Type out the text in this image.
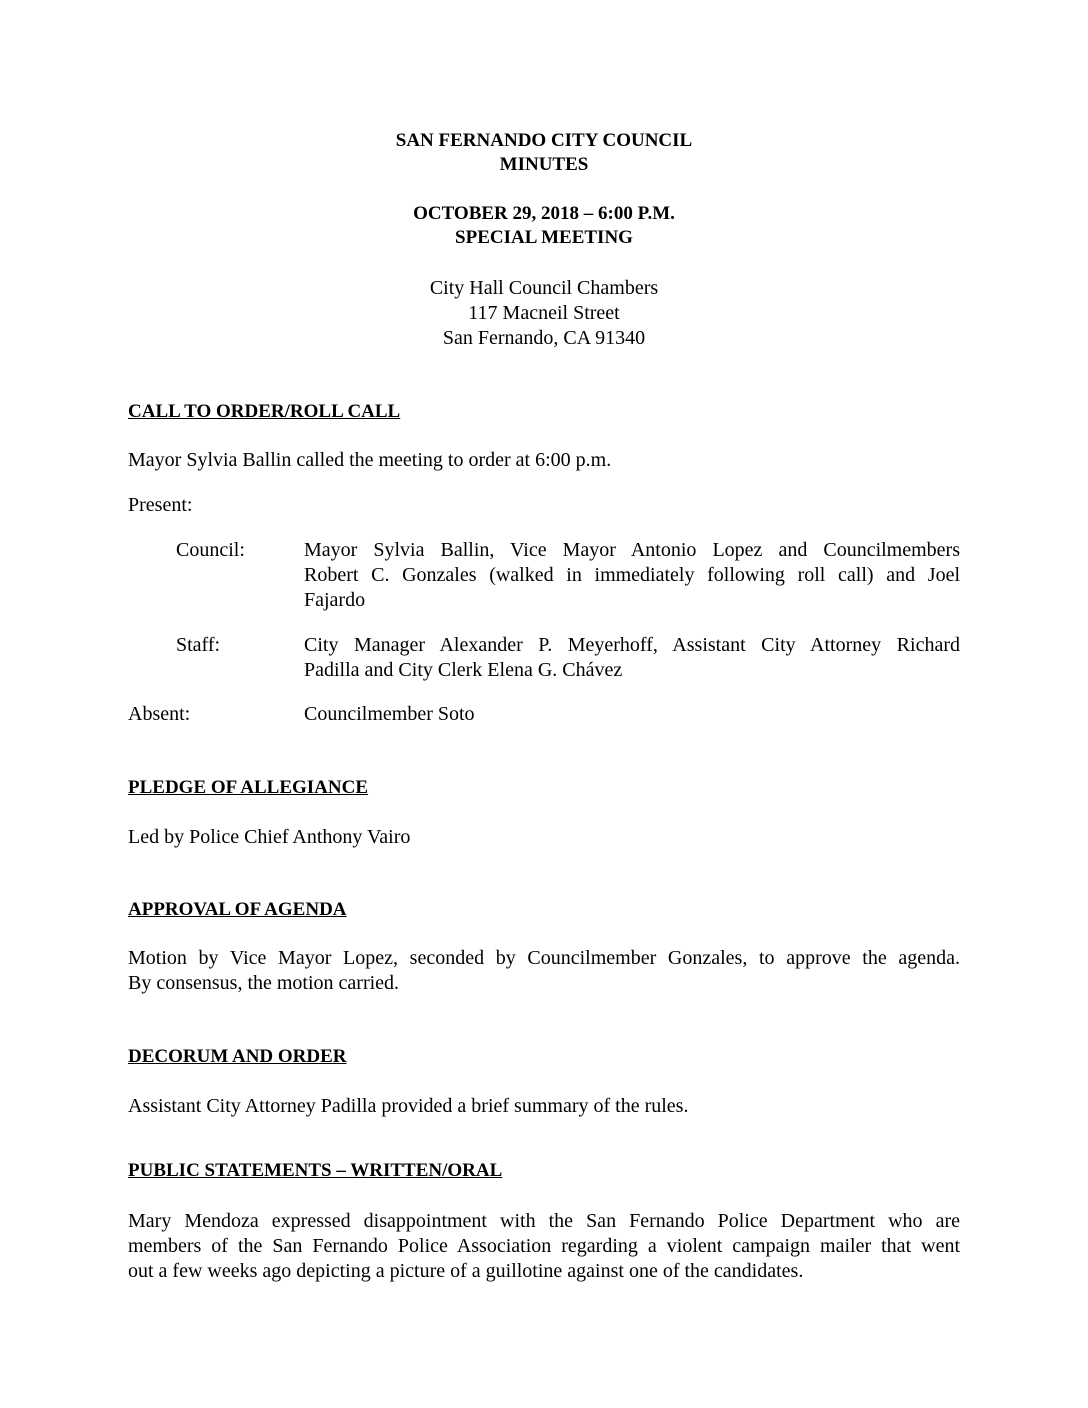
SAN FERNANDO CITY COUNCIL
MINUTES
OCTOBER 29, 2018 – 6:00 P.M.
SPECIAL MEETING
City Hall Council Chambers
117 Macneil Street
San Fernando, CA 91340
CALL TO ORDER/ROLL CALL
Mayor Sylvia Ballin called the meeting to order at 6:00 p.m.
Present:
Council:	Mayor Sylvia Ballin, Vice Mayor Antonio Lopez and Councilmembers
Robert C. Gonzales (walked in immediately following roll call) and Joel
Fajardo
Staff:	City Manager Alexander P. Meyerhoff, Assistant City Attorney Richard
Padilla and City Clerk Elena G. Chávez
Absent:	Councilmember Soto
PLEDGE OF ALLEGIANCE
Led by Police Chief Anthony Vairo
APPROVAL OF AGENDA
Motion by Vice Mayor Lopez, seconded by Councilmember Gonzales, to approve the agenda.
By consensus, the motion carried.
DECORUM AND ORDER
Assistant City Attorney Padilla provided a brief summary of the rules.
PUBLIC STATEMENTS – WRITTEN/ORAL
Mary Mendoza expressed disappointment with the San Fernando Police Department who are
members of the San Fernando Police Association regarding a violent campaign mailer that went
out a few weeks ago depicting a picture of a guillotine against one of the candidates.
